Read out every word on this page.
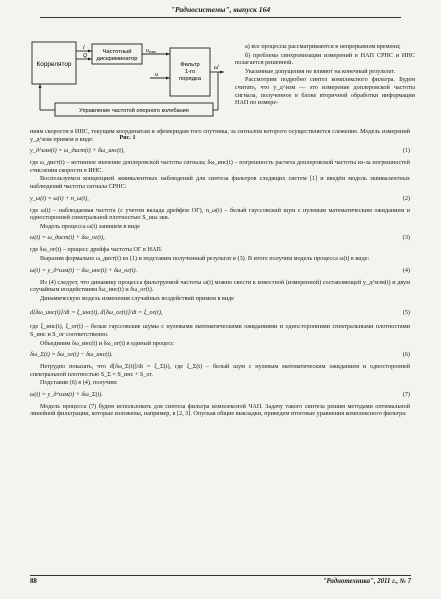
"Радиосистемы", выпуск 164
Коррелятор
Частотный
дискриминатор
Фильтр
1-го
порядка
Управление частотой опорного колебания
I
Q
uизм
u
ω̂
Рис. 1

а) все процессы рассматриваются в непрерывном времени;

б) проблема синхронизации измерений в НАП СРНС и ИНС полагается решенной.

Указанные допущения не влияют на конечный результат.

Рассмотрим подробно синтез комплексного фильтра. Будем считать, что y_д^изм — это измерение доплеровской частоты сигнала, полученное в блоке вторичной обработки информации НАП по измере-

ниям скорости в ИНС, текущим координатам и эфемеридам того спутника, за сигналом которого осуществляется слежение. Модель измерений y_д^изм примем в виде:

y_д^изм(t) = ω_дист(t) + δω_инс(t),	(1)

где ω_дист(t) – истинное значение доплеровской частоты сигнала; δω_инс(t) – погрешность расчета доплеровской частоты из-за погрешностей счисления скорости в ИНС.

Воспользуемся концепцией эквивалентных наблюдений для синтеза фильтров следящих систем [1] и введём модель эквивалентных наблюдений частоты сигнала СРНС:

y_ω(t) = ω(t) + n_ω(t),	(2)

где ω(t) – наблюдаемая частота (с учетом вклада дрейфов ОГ), n_ω(t) – белый гауссовский шум с нулевым математическим ожиданием и односторонней спектральной плотностью S_шω экв.

Модель процесса ω(t) запишем в виде

ω(t) = ω_дист(t) + δω_ог(t),	(3)

где δω_ог(t) – процесс дрейфа частоты ОГ в НАП.

Выразим формально ω_дист(t) из (1) и подставим полученный результат в (3). В итоге получим модель процесса ω(t) в виде:

ω(t) = y_д^изм(t) − δω_инс(t) + δω_ог(t).	(4)

Из (4) следует, что динамику процесса фильтруемой частоты ω(t) можно свести к известной (измеренной) составляющей y_д^изм(t) и двум случайным воздействиям δω_инс(t) и δω_ог(t).

Динамическую модель изменения случайных воздействий примем в виде

d[δω_инс(t)]/dt = ξ_инс(t), d[δω_ог(t)]/dt = ξ_ог(t),	(5)

где ξ_инс(t), ξ_ог(t) – белые гауссовские шумы с нулевыми математическими ожиданиями и односторонними спектральными плотностями S_инс и S_ог соответственно.

Объединим δω_инс(t) и δω_ог(t) в единый процесс

δω_Σ(t) = δω_ог(t) − δω_инс(t).	(6)

Нетрудно показать, что d[δω_Σ(t)]/dt = ξ_Σ(t), где ξ_Σ(t) – белый шум с нулевым математическим ожиданием и односторонней спектральной плотностью S_Σ = S_инс + S_ог.

Подставив (6) в (4), получим:

ω(t) = y_д^изм(t) + δω_Σ(t).	(7)

Модель процесса (7) будем использовать для синтеза фильтра комплексной ЧАП. Задачу такого синтеза решим методами оптимальной линейной фильтрации, которые изложены, например, в [2, 3]. Опуская общие выкладки, приведем итоговые уравнения комплексного фильтра:

88	"Радиотехника", 2011 г., № 7
